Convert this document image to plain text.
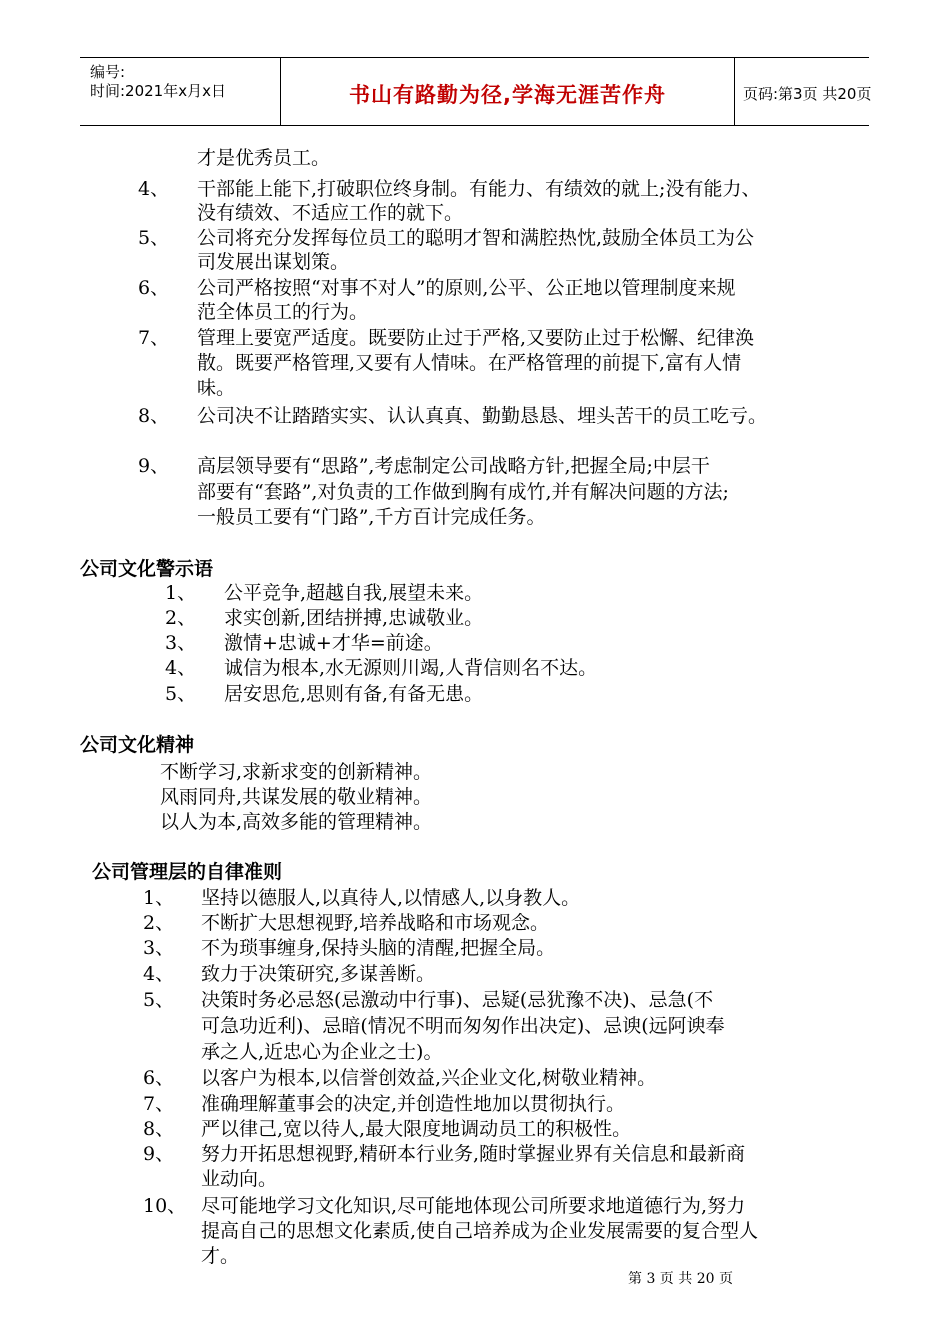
编号:
时间:2021年x月x日	书山有路勤为径,学海无涯苦作舟	页码:第3页 共20页
才是优秀员工。
4、 干部能上能下,打破职位终身制。有能力、有绩效的就上;没有能力、
没有绩效、不适应工作的就下。
5、 公司将充分发挥每位员工的聪明才智和满腔热忱,鼓励全体员工为公
司发展出谋划策。
6、 公司严格按照“对事不对人”的原则,公平、公正地以管理制度来规
范全体员工的行为。
7、 管理上要宽严适度。既要防止过于严格,又要防止过于松懈、纪律涣
散。既要严格管理,又要有人情味。在严格管理的前提下,富有人情
味。
8、 公司决不让踏踏实实、认认真真、勤勤恳恳、埋头苦干的员工吃亏。
9、 高层领导要有“思路”,考虑制定公司战略方针,把握全局;中层干
部要有“套路”,对负责的工作做到胸有成竹,并有解决问题的方法;
一般员工要有“门路”,千方百计完成任务。
公司文化警示语
1、 公平竞争,超越自我,展望未来。
2、 求实创新,团结拼搏,忠诚敬业。
3、 激情+忠诚+才华=前途。
4、 诚信为根本,水无源则川竭,人背信则名不达。
5、 居安思危,思则有备,有备无患。
公司文化精神
不断学习,求新求变的创新精神。
风雨同舟,共谋发展的敬业精神。
以人为本,高效多能的管理精神。
公司管理层的自律准则
1、 坚持以德服人,以真待人,以情感人,以身教人。
2、 不断扩大思想视野,培养战略和市场观念。
3、 不为琐事缠身,保持头脑的清醒,把握全局。
4、 致力于决策研究,多谋善断。
5、 决策时务必忌怒(忌激动中行事)、忌疑(忌犹豫不决)、忌急(不
可急功近利)、忌暗(情况不明而匆匆作出决定)、忌谀(远阿谀奉
承之人,近忠心为企业之士)。
6、 以客户为根本,以信誉创效益,兴企业文化,树敬业精神。
7、 准确理解董事会的决定,并创造性地加以贯彻执行。
8、 严以律己,宽以待人,最大限度地调动员工的积极性。
9、 努力开拓思想视野,精研本行业务,随时掌握业界有关信息和最新商
业动向。
10、 尽可能地学习文化知识,尽可能地体现公司所要求地道德行为,努力
提高自己的思想文化素质,使自己培养成为企业发展需要的复合型人
才。
第 3 页 共 20 页
